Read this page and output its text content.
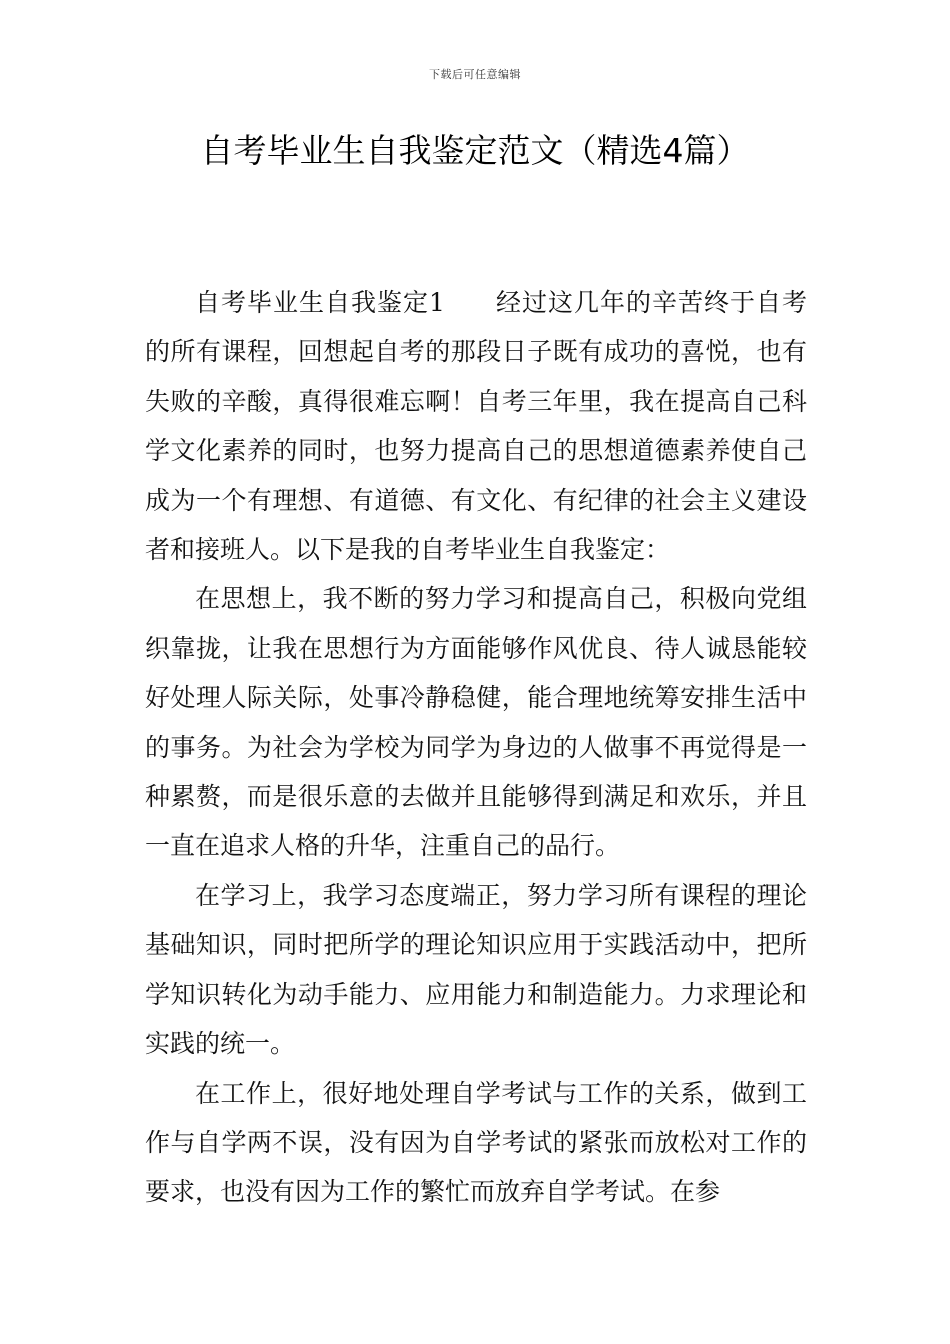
下载后可任意编辑
自考毕业生自我鉴定范文（精选4篇）

自考毕业生自我鉴定1 经过这几年的辛苦终于自考的所有课程，回想起自考的那段日子既有成功的喜悦，也有失败的辛酸，真得很难忘啊！自考三年里，我在提高自己科学文化素养的同时，也努力提高自己的思想道德素养使自己成为一个有理想、有道德、有文化、有纪律的社会主义建设者和接班人。以下是我的自考毕业生自我鉴定：

在思想上，我不断的努力学习和提高自己，积极向党组织靠拢，让我在思想行为方面能够作风优良、待人诚恳能较好处理人际关际，处事冷静稳健，能合理地统筹安排生活中的事务。为社会为学校为同学为身边的人做事不再觉得是一种累赘，而是很乐意的去做并且能够得到满足和欢乐，并且一直在追求人格的升华，注重自己的品行。

在学习上，我学习态度端正，努力学习所有课程的理论基础知识，同时把所学的理论知识应用于实践活动中，把所学知识转化为动手能力、应用能力和制造能力。力求理论和实践的统一。

在工作上，很好地处理自学考试与工作的关系，做到工作与自学两不误，没有因为自学考试的紧张而放松对工作的要求，也没有因为工作的繁忙而放弃自学考试。在参
